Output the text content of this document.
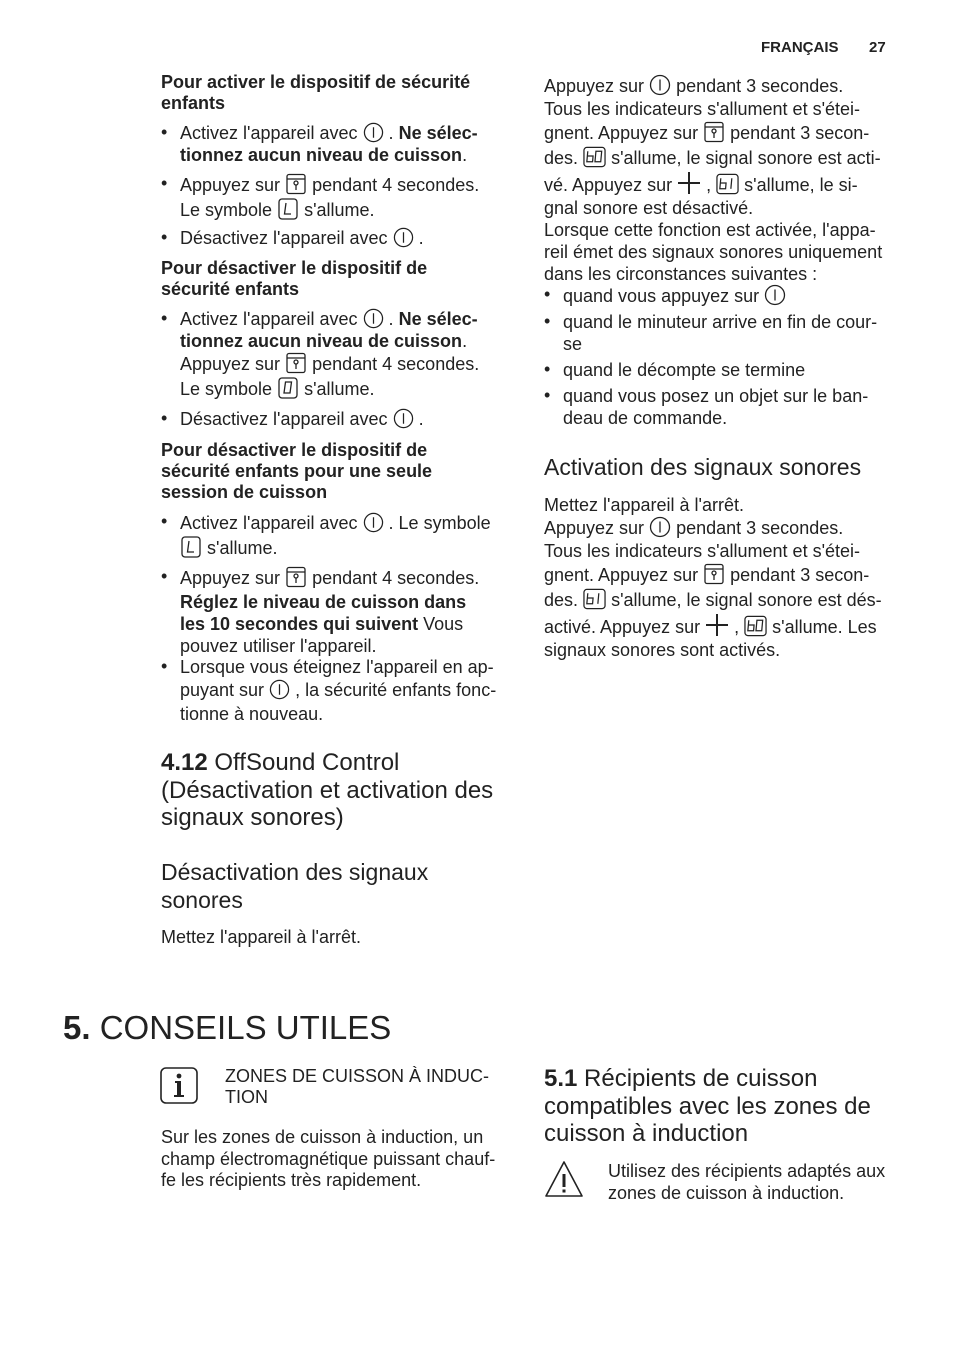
FRANÇAIS 27
Pour activer le dispositif de sécurité
enfants
• Activez l'appareil avec  . Ne sélec-
tionnez aucun niveau de cuisson.
• Appuyez sur pendant 4 secondes.
Le symbole s'allume.
• Désactivez l'appareil avec  .
Pour désactiver le dispositif de
sécurité enfants
• Activez l'appareil avec  . Ne sélec-
tionnez aucun niveau de cuisson.
Appuyez sur pendant 4 secondes.
Le symbole s'allume.
• Désactivez l'appareil avec  .
Pour désactiver le dispositif de
sécurité enfants pour une seule
session de cuisson
• Activez l'appareil avec  . Le symbole
s'allume.
• Appuyez sur pendant 4 secondes.
Réglez le niveau de cuisson dans
les 10 secondes qui suivent Vous
pouvez utiliser l'appareil.
• Lorsque vous éteignez l'appareil en ap-
puyant sur  , la sécurité enfants fonc-
tionne à nouveau.
4.12 OffSound Control
(Désactivation et activation des
signaux sonores)
Désactivation des signaux
sonores
Mettez l'appareil à l'arrêt.
Appuyez sur pendant 3 secondes.
Tous les indicateurs s'allument et s'étei-
gnent. Appuyez sur pendant 3 secon-
des. s'allume, le signal sonore est acti-
vé. Appuyez sur  , s'allume, le si-
gnal sonore est désactivé.
Lorsque cette fonction est activée, l'appa-
reil émet des signaux sonores uniquement
dans les circonstances suivantes :
• quand vous appuyez sur
• quand le minuteur arrive en fin de cour-
se
• quand le décompte se termine
• quand vous posez un objet sur le ban-
deau de commande.
Activation des signaux sonores
Mettez l'appareil à l'arrêt.
Appuyez sur pendant 3 secondes.
Tous les indicateurs s'allument et s'étei-
gnent. Appuyez sur pendant 3 secon-
des. s'allume, le signal sonore est dés-
activé. Appuyez sur  , s'allume. Les
signaux sonores sont activés.
5. CONSEILS UTILES
ZONES DE CUISSON À INDUC-
TION
Sur les zones de cuisson à induction, un
champ électromagnétique puissant chauf-
fe les récipients très rapidement.
5.1 Récipients de cuisson
compatibles avec les zones de
cuisson à induction
Utilisez des récipients adaptés aux
zones de cuisson à induction.
